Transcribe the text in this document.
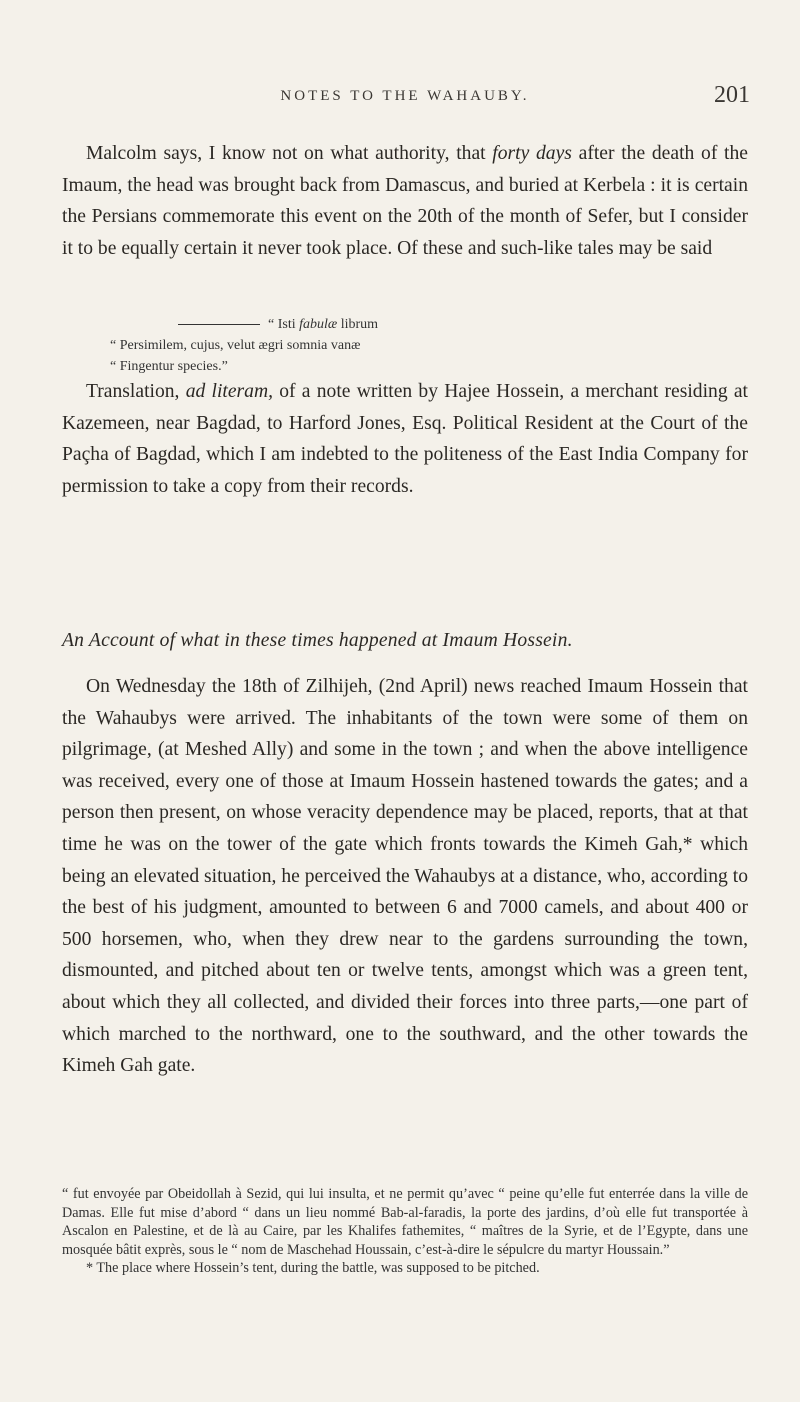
NOTES TO THE WAHAUBY.	201

Malcolm says, I know not on what authority, that forty days after the death of the Imaum, the head was brought back from Damascus, and buried at Kerbela : it is certain the Persians commemorate this event on the 20th of the month of Sefer, but I consider it to be equally certain it never took place. Of these and such-like tales may be said

“ Isti fabulæ librum
“ Persimilem, cujus, velut ægri somnia vanæ
“ Fingentur species.”

Translation, ad literam, of a note written by Hajee Hossein, a merchant residing at Kazemeen, near Bagdad, to Harford Jones, Esq. Political Resident at the Court of the Paçha of Bagdad, which I am indebted to the politeness of the East India Company for permission to take a copy from their records.

An Account of what in these times happened at Imaum Hossein.

On Wednesday the 18th of Zilhijeh, (2nd April) news reached Imaum Hossein that the Wahaubys were arrived. The inhabitants of the town were some of them on pilgrimage, (at Meshed Ally) and some in the town ; and when the above intelligence was received, every one of those at Imaum Hossein hastened towards the gates; and a person then present, on whose veracity dependence may be placed, reports, that at that time he was on the tower of the gate which fronts towards the Kimeh Gah,* which being an elevated situation, he perceived the Wahaubys at a distance, who, according to the best of his judgment, amounted to between 6 and 7000 camels, and about 400 or 500 horsemen, who, when they drew near to the gardens surrounding the town, dismounted, and pitched about ten or twelve tents, amongst which was a green tent, about which they all collected, and divided their forces into three parts,—one part of which marched to the northward, one to the southward, and the other towards the Kimeh Gah gate.

“ fut envoyée par Obeidollah à Sezid, qui lui insulta, et ne permit qu’avec “ peine qu’elle fut enterrée dans la ville de Damas. Elle fut mise d’abord “ dans un lieu nommé Bab-al-faradis, la porte des jardins, d’où elle fut transportée à Ascalon en Palestine, et de là au Caire, par les Khalifes fathemites, “ maîtres de la Syrie, et de l’Egypte, dans une mosquée bâtit exprès, sous le “ nom de Maschehad Houssain, c’est-à-dire le sépulcre du martyr Houssain.”

* The place where Hossein’s tent, during the battle, was supposed to be pitched.
